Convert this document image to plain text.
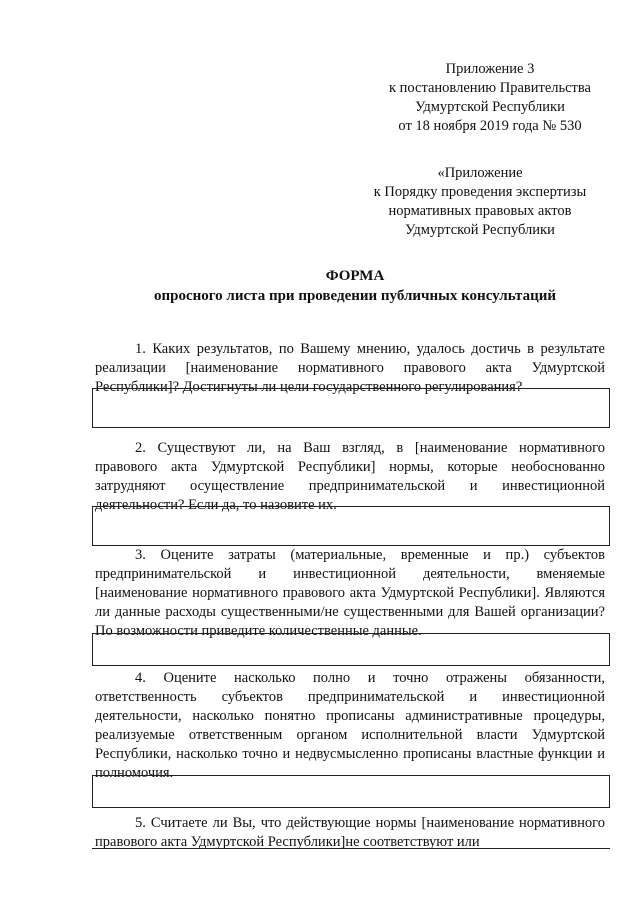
Приложение 3
к постановлению Правительства
Удмуртской Республики
от 18 ноября 2019 года № 530
«Приложение
к Порядку проведения экспертизы
нормативных правовых актов
Удмуртской Республики
ФОРМА
опросного листа при проведении публичных консультаций
1. Каких результатов, по Вашему мнению, удалось достичь в результате реализации [наименование нормативного правового акта Удмуртской Республики]? Достигнуты ли цели государственного регулирования?
2. Существуют ли, на Ваш взгляд, в [наименование нормативного правового акта Удмуртской Республики] нормы, которые необоснованно затрудняют осуществление предпринимательской и инвестиционной деятельности? Если да, то назовите их.
3. Оцените затраты (материальные, временные и пр.) субъектов предпринимательской и инвестиционной деятельности, вменяемые [наименование нормативного правового акта Удмуртской Республики]. Являются ли данные расходы существенными/не существенными для Вашей организации? По возможности приведите количественные данные.
4. Оцените насколько полно и точно отражены обязанности, ответственность субъектов предпринимательской и инвестиционной деятельности, насколько понятно прописаны административные процедуры, реализуемые ответственным органом исполнительной власти Удмуртской Республики, насколько точно и недвусмысленно прописаны властные функции и полномочия.
5. Считаете ли Вы, что действующие нормы [наименование нормативного правового акта Удмуртской Республики]не соответствуют или
